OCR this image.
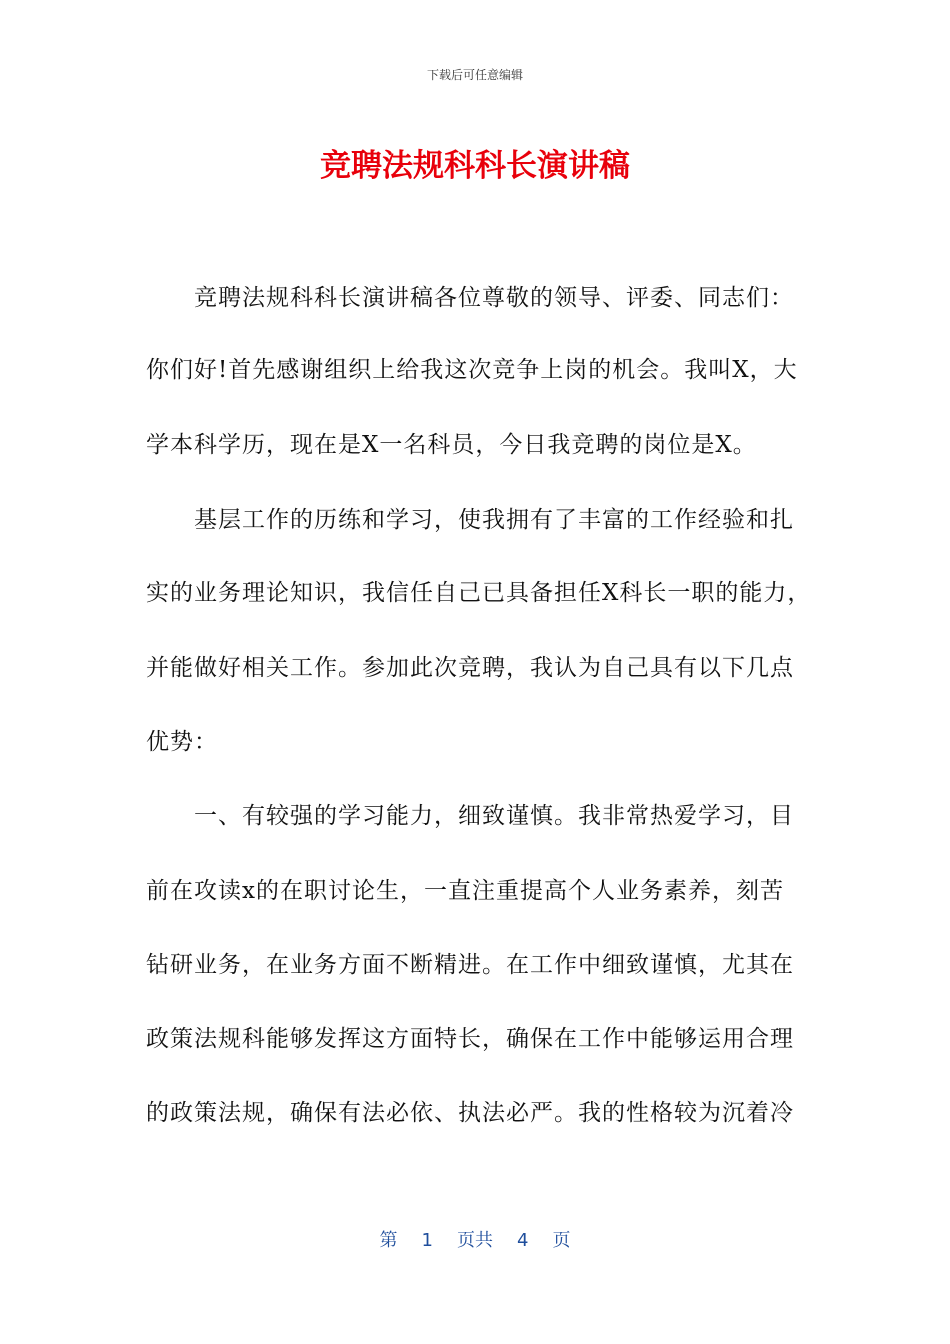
下载后可任意编辑
竞聘法规科科长演讲稿
竞聘法规科科长演讲稿各位尊敬的领导、评委、同志们：
你们好!首先感谢组织上给我这次竞争上岗的机会。我叫X，大
学本科学历，现在是X一名科员，今日我竞聘的岗位是X。
基层工作的历练和学习，使我拥有了丰富的工作经验和扎
实的业务理论知识，我信任自己已具备担任X科长一职的能力，
并能做好相关工作。参加此次竞聘，我认为自己具有以下几点
优势：
一、有较强的学习能力，细致谨慎。我非常热爱学习，目
前在攻读x的在职讨论生，一直注重提高个人业务素养，刻苦
钻研业务，在业务方面不断精进。在工作中细致谨慎，尤其在
政策法规科能够发挥这方面特长，确保在工作中能够运用合理
的政策法规，确保有法必依、执法必严。我的性格较为沉着冷
第 1 页共 4 页
